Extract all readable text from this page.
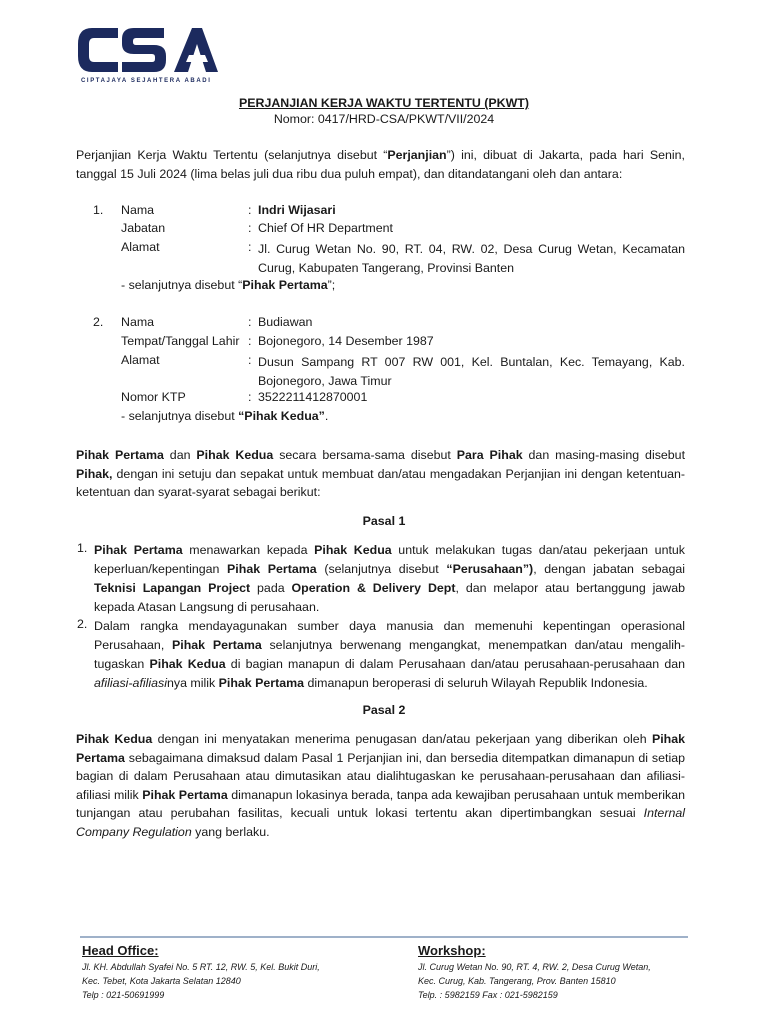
CIPTAJAYA SEJAHTERA ABADI
PERJANJIAN KERJA WAKTU TERTENTU (PKWT)
Nomor: 0417/HRD-CSA/PKWT/VII/2024
Perjanjian Kerja Waktu Tertentu (selanjutnya disebut “Perjanjian”) ini, dibuat di Jakarta, pada hari Senin, tanggal 15 Juli 2024 (lima belas juli dua ribu dua puluh empat), dan ditandatangani oleh dan antara:
1. Nama	: Indri Wijasari
Jabatan	: Chief Of HR Department
Alamat	: Jl. Curug Wetan No. 90, RT. 04, RW. 02, Desa Curug Wetan, Kecamatan Curug, Kabupaten Tangerang, Provinsi Banten
- selanjutnya disebut “Pihak Pertama”;
2. Nama	: Budiawan
Tempat/Tanggal Lahir : Bojonegoro, 14 Desember 1987
Alamat	: Dusun Sampang RT 007 RW 001, Kel. Buntalan, Kec. Temayang, Kab. Bojonegoro, Jawa Timur
Nomor KTP	: 3522211412870001
- selanjutnya disebut “Pihak Kedua”.
Pihak Pertama dan Pihak Kedua secara bersama-sama disebut Para Pihak dan masing-masing disebut Pihak, dengan ini setuju dan sepakat untuk membuat dan/atau mengadakan Perjanjian ini dengan ketentuan-ketentuan dan syarat-syarat sebagai berikut:
Pasal 1
1. Pihak Pertama menawarkan kepada Pihak Kedua untuk melakukan tugas dan/atau pekerjaan untuk keperluan/kepentingan Pihak Pertama (selanjutnya disebut “Perusahaan”), dengan jabatan sebagai Teknisi Lapangan Project pada Operation & Delivery Dept, dan melapor atau bertanggung jawab kepada Atasan Langsung di perusahaan.
2. Dalam rangka mendayagunakan sumber daya manusia dan memenuhi kepentingan operasional Perusahaan, Pihak Pertama selanjutnya berwenang mengangkat, menempatkan dan/atau mengalih-tugaskan Pihak Kedua di bagian manapun di dalam Perusahaan dan/atau perusahaan-perusahaan dan afiliasi-afiliasinya milik Pihak Pertama dimanapun beroperasi di seluruh Wilayah Republik Indonesia.
Pasal 2
Pihak Kedua dengan ini menyatakan menerima penugasan dan/atau pekerjaan yang diberikan oleh Pihak Pertama sebagaimana dimaksud dalam Pasal 1 Perjanjian ini, dan bersedia ditempatkan dimanapun di setiap bagian di dalam Perusahaan atau dimutasikan atau dialihtugaskan ke perusahaan-perusahaan dan afiliasi-afiliasi milik Pihak Pertama dimanapun lokasinya berada, tanpa ada kewajiban perusahaan untuk memberikan tunjangan atau perubahan fasilitas, kecuali untuk lokasi tertentu akan dipertimbangkan sesuai Internal Company Regulation yang berlaku.
Head Office:
Jl. KH. Abdullah Syafei No. 5 RT. 12, RW. 5, Kel. Bukit Duri,
Kec. Tebet, Kota Jakarta Selatan 12840
Telp : 021-50691999
Workshop:
Jl. Curug Wetan No. 90, RT. 4, RW. 2, Desa Curug Wetan,
Kec. Curug, Kab. Tangerang, Prov. Banten 15810
Telp. : 5982159 Fax : 021-5982159
